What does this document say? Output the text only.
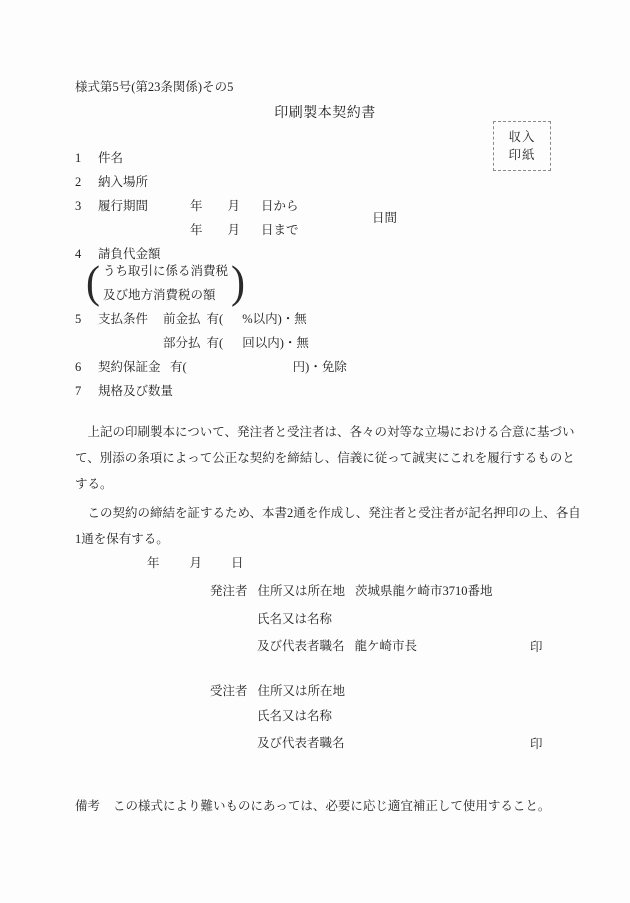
様式第5号(第23条関係)その5
印刷製本契約書
収入
印紙
1 件名
2 納入場所
3 履行期間	年 月 日から
年 月 日まで
日間
4 請負代金額
( うち取引に係る消費税
及び地方消費税の額 )
5 支払条件 前金払 有( %以内)・無
部分払 有( 回以内)・無
6 契約保証金 有(	円)・免除
7 規格及び数量
上記の印刷製本について、発注者と受注者は、各々の対等な立場における合意に基づい
て、別添の条項によって公正な契約を締結し、信義に従って誠実にこれを履行するものと
する。
この契約の締結を証するため、本書2通を作成し、発注者と受注者が記名押印の上、各自
1通を保有する。
年 月 日
発注者 住所又は所在地 茨城県龍ケ崎市3710番地
氏名又は名称
及び代表者職名 龍ケ崎市長	印
受注者 住所又は所在地
氏名又は名称
及び代表者職名	印
備考 この様式により難いものにあっては、必要に応じ適宜補正して使用すること。
